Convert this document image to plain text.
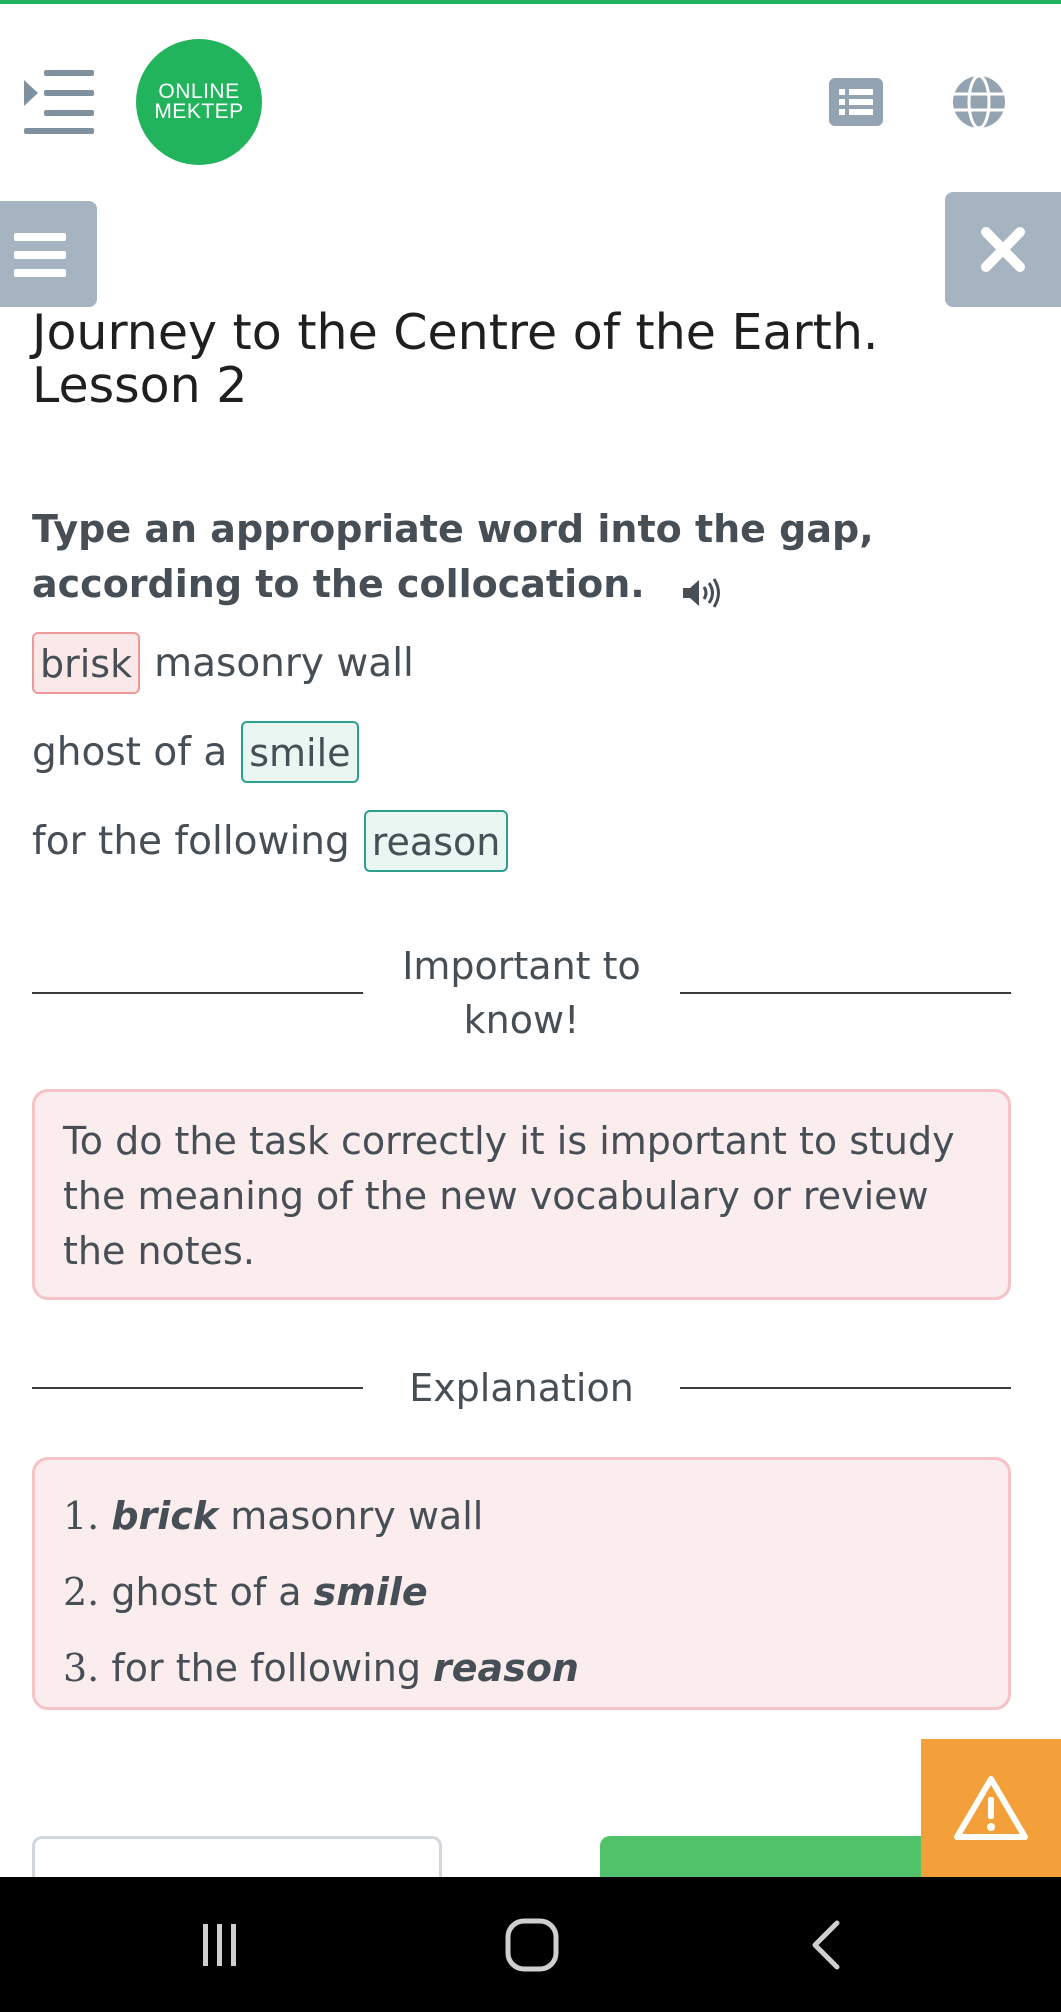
ONLINE
MEKTEP
Journey to the Centre of the Earth. Lesson 2

Type an appropriate word into the gap, according to the collocation.

brisk masonry wall
ghost of a smile
for the following reason
Important to know!

To do the task correctly it is important to study the meaning of the new vocabulary or review the notes.

Explanation
1. brick masonry wall
2. ghost of a smile
3. for the following reason
